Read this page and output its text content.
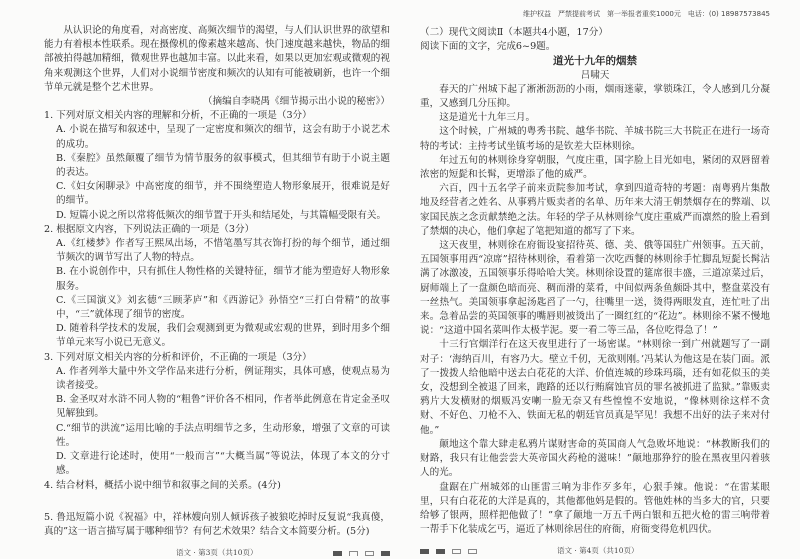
从认识论的角度看，对高密度、高频次细节的渴望，与人们认识世界的欲望和能力有着根本性联系。现在摄像机的像素越来越高、快门速度越来越快，物品的细部被拍得越加精细，微观世界也越加丰富。以此来看，如果以更加宏观或微观的视角来观测这个世界，人们对小说细节密度和频次的认知有可能被刷新，也许一个细节单元就是整个艺术世界。

（摘编自李晓禺《细节揭示出小说的秘密》）

1. 下列对原文相关内容的理解和分析，不正确的一项是（3分）

A. 小说在描写和叙述中，呈现了一定密度和频次的细节，这会有助于小说艺术的成功。

B.《秦腔》虽然颠覆了细节为情节服务的叙事模式，但其细节有助于小说主题的表达。

C.《妇女闲聊录》中高密度的细节，并不围绕塑造人物形象展开，很难说是好的细节。

D. 短篇小说之所以常将低频次的细节置于开头和结尾处，与其篇幅受限有关。

2. 根据原文内容，下列说法正确的一项是（3分）

A.《红楼梦》作者写王熙凤出场，不惜笔墨写其衣饰打扮的每个细节，通过细节频次的调节写出了人物的特点。

B. 在小说创作中，只有抓住人物性格的关键特征，细节才能为塑造好人物形象服务。

C.《三国演义》刘玄德“三顾茅庐”和《西游记》孙悟空“三打白骨精”的故事中，“三”就体现了细节的密度。

D. 随着科学技术的发展，我们会观测到更为微观或宏观的世界，到时用多个细节单元来写小说已无意义。

3. 下列对原文相关内容的分析和评价，不正确的一项是（3分）

A. 作者列举大量中外文学作品来进行分析，例证翔实，具体可感，使观点易为读者接受。

B. 金圣叹对水浒不同人物的“粗鲁”评价各不相同，作者举此例意在肯定金圣叹见解独到。

C.“细节的洪流”运用比喻的手法点明细节之多，生动形象，增强了文章的可读性。

D. 文章进行论述时，使用“一般而言”“大概当属”等说法，体现了本文的分寸感。

4. 结合材料，概括小说中细节和叙事之间的关系。(4分)

5. 鲁迅短篇小说《祝福》中，祥林嫂向别人倾诉孩子被狼吃掉时反复说“我真傻，真的”这一语言描写属于哪种细节？有何艺术效果？结合文本简要分析。(5分)

语文 · 第3页（共10页）
维护权益　严禁提前考试　第一举报者重奖1000元　电话：(0) 18987573845

（二）现代文阅读Ⅱ（本题共4小题，17分）

阅读下面的文字，完成6~9题。

道光十九年的烟禁

吕啸天

春天的广州城下起了淅淅沥沥的小雨，烟雨迷蒙，掌锁珠江，令人感到几分凝重，又感到几分压抑。

这是道光十九年三月。

这个时候，广州城的粤秀书院、越华书院、羊城书院三大书院正在进行一场奇特的考试：主持考试坐镇考场的是钦差大臣林则徐。

年过五旬的林则徐身穿朝服，气度庄重，国字脸上目光如电，紧闭的双唇留着浓密的短髭和长髯，更增添了他的威严。

六百，四十五名学子前来贡院参加考试，拿到四道奇特的考题：南粤鸦片集散地及经营者之姓名、从事鸦片贩卖者的名单、历年来大清王朝禁烟存在的弊端、以家国民族之念贡献禁绝之法。年轻的学子从林则徐气度庄重威严而凛然的脸上看到了禁烟的决心，他们拿起了笔把知道的都写了下来。

这天夜里，林则徐在府衙设宴招待英、德、美、俄等国驻广州领事。五天前，五国领事用西“凉席”招待林则徐，看着第一次吃西餐的林则徐手忙脚乱短髭长髯沾满了冰激凌，五国领事乐得哈哈大笑。林则徐设置的筵席很丰盛，三道凉菜过后，厨师端上了一盘颜色暗而亮、稠而滑的菜肴，中间似两条鱼颇卧其中，整盘菜没有一丝热气。美国领事拿起汤匙舀了一勺，往嘴里一送，烫得两眼发直，连忙吐了出来。急着品尝的英国领事的嘴唇则被烫出了一圈红红的“花边”。林则徐不紧不慢地说：“这道中国名菜叫作太极芋泥。要一看二等三品，各位吃得急了！”

十三行官烟洋行在这天夜里进行了一场密谋。“林则徐一到广州就题写了一副对子：‘海纳百川，有容乃大。壁立千仞，无欲则刚。’冯某认为他这是在装门面。派了一拨拨人给他暗中送去白花花的大洋、价值连城的珍珠玛瑙，还有如花似玉的美女，没想到全被退了回来，跑路的还以行贿腐蚀官员的罪名被抓进了监狱。”靠贩卖鸦片大发横财的烟贩冯安喇一脸无奈又有些惶惶不安地说，“像林则徐这样不贪财、不好色、刀枪不入、铁面无私的朝廷官员真是罕见！我想不出好的法子来对付他。”

颠地这个靠大肆走私鸦片谋财害命的英国商人气急败坏地说：“林教断我们的财路，我只有让他尝尝大英帝国火药枪的滋味！”颠地那狰狞的脸在黑夜里闪着骇人的光。

盘踞在广州城郊的山匪雷三响为非作歹多年，心狠手辣。他说：“在雷某眼里，只有白花花的大洋是真的，其他都他妈是假的。管他姓林的当多大的官，只要给够了银两，照样把他做了！”拿了颠地一万五千两白银和五把火枪的雷三响带着一帮手下化装成乞丐，逼近了林则徐居住的府衙，府衙变得危机四伏。

语文 · 第4页（共10页）
